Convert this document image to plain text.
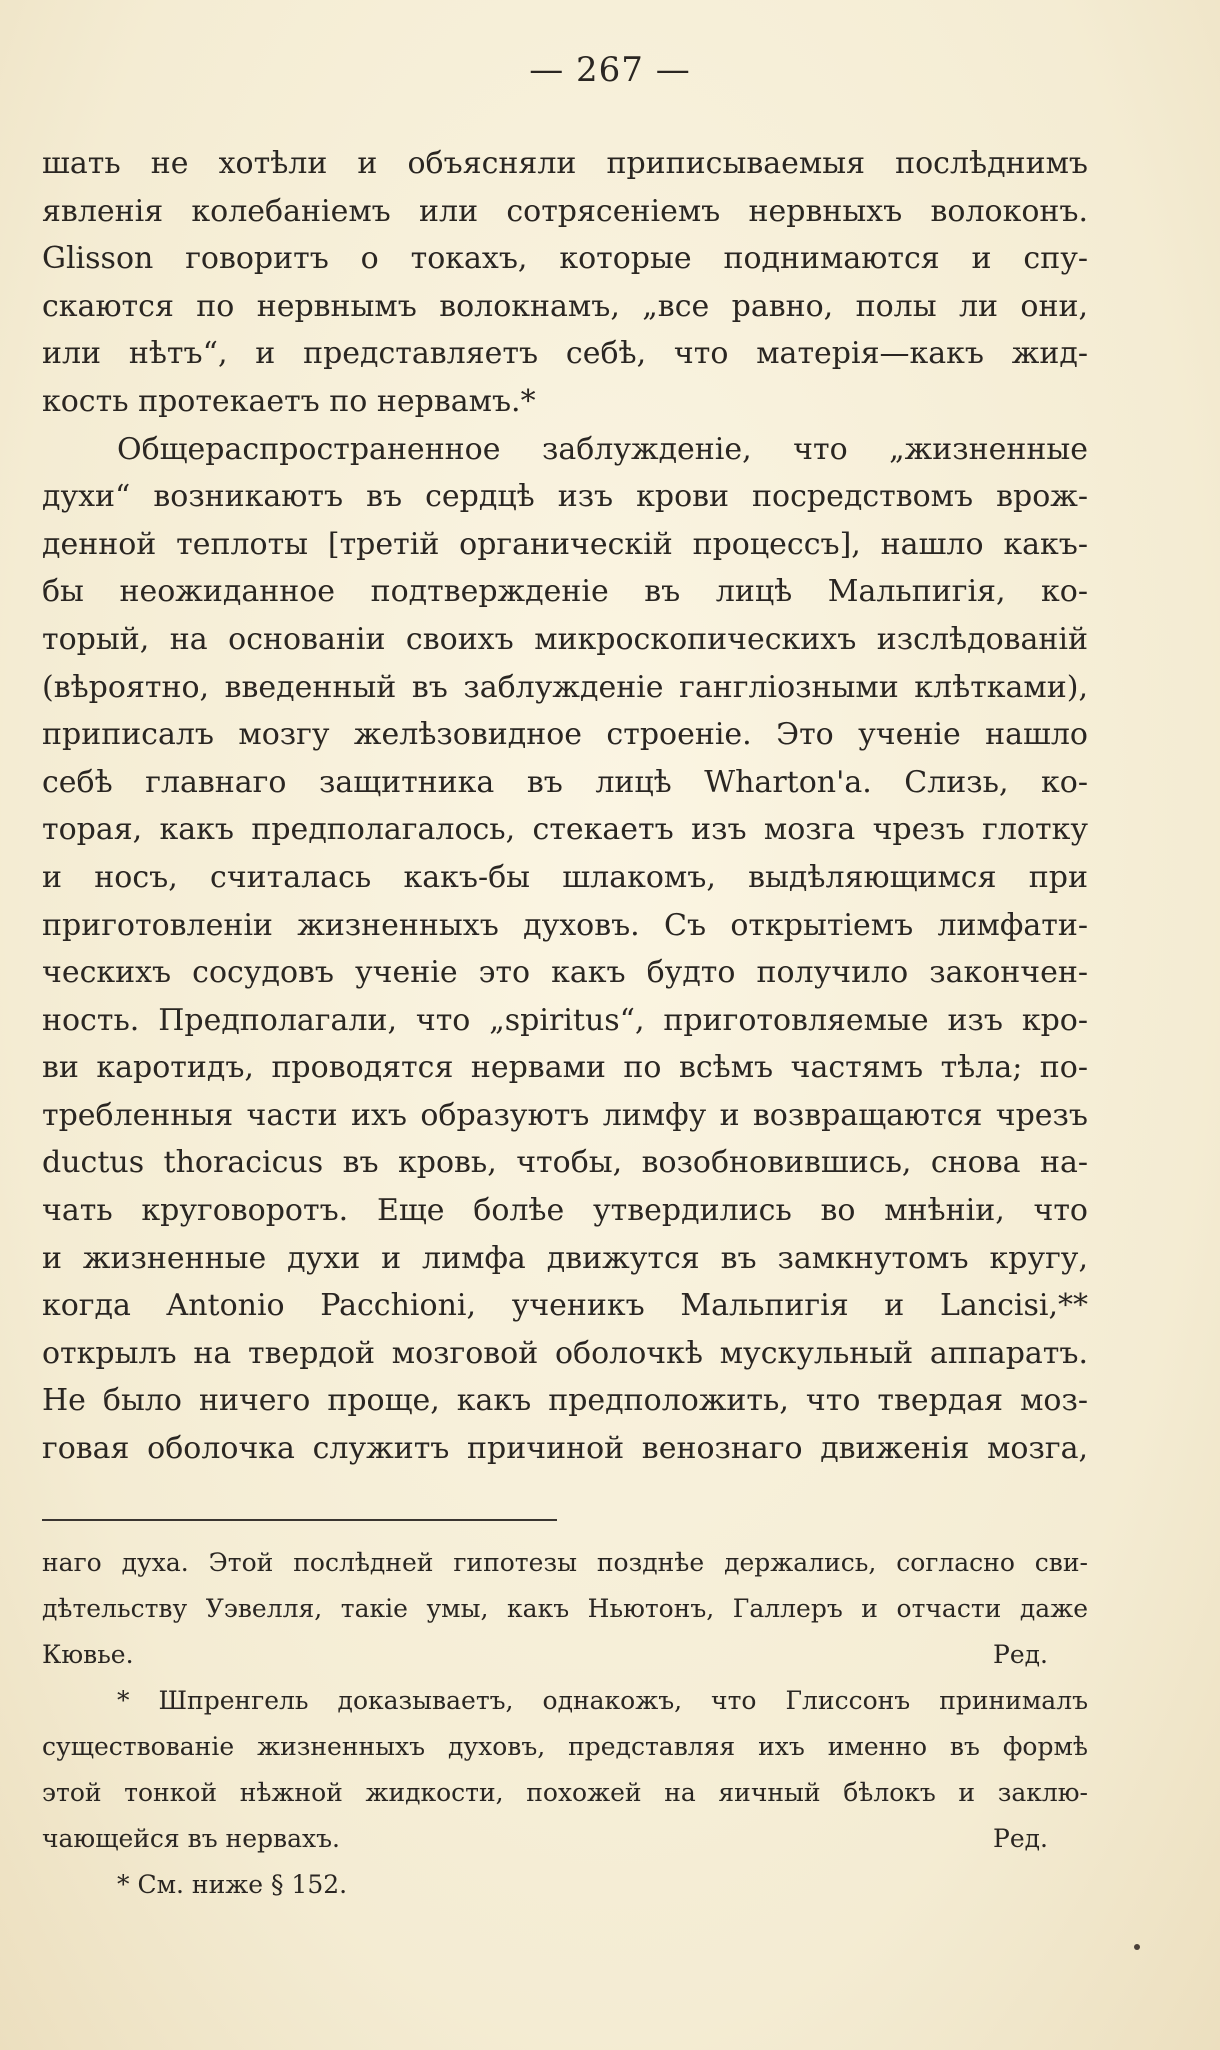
— 267 —
шать не хотѣли и объясняли приписываемыя послѣднимъ
явленія колебаніемъ или сотрясеніемъ нервныхъ волоконъ.
Glisson говоритъ о токахъ, которые поднимаются и спу-
скаются по нервнымъ волокнамъ, „все равно, полы ли они,
или нѣтъ“, и представляетъ себѣ, что матерія—какъ жид-
кость протекаетъ по нервамъ.*
Общераспространенное заблужденіе, что „жизненные
духи“ возникаютъ въ сердцѣ изъ крови посредствомъ врож-
денной теплоты [третій органическій процессъ], нашло какъ-
бы неожиданное подтвержденіе въ лицѣ Мальпигія, ко-
торый, на основаніи своихъ микроскопическихъ изслѣдованій
(вѣроятно, введенный въ заблужденіе гангліозными клѣтками),
приписалъ мозгу желѣзовидное строеніе. Это ученіе нашло
себѣ главнаго защитника въ лицѣ Wharton'а. Слизь, ко-
торая, какъ предполагалось, стекаетъ изъ мозга чрезъ глотку
и носъ, считалась какъ-бы шлакомъ, выдѣляющимся при
приготовленіи жизненныхъ духовъ. Съ открытіемъ лимфати-
ческихъ сосудовъ ученіе это какъ будто получило закончен-
ность. Предполагали, что „spiritus“, приготовляемые изъ кро-
ви каротидъ, проводятся нервами по всѣмъ частямъ тѣла; по-
требленныя части ихъ образуютъ лимфу и возвращаются чрезъ
ductus thoracicus въ кровь, чтобы, возобновившись, снова на-
чать круговоротъ. Еще болѣе утвердились во мнѣніи, что
и жизненные духи и лимфа движутся въ замкнутомъ кругу,
когда Antonio Pacchioni, ученикъ Мальпигія и Lancisi,**
открылъ на твердой мозговой оболочкѣ мускульный аппаратъ.
Не было ничего проще, какъ предположить, что твердая моз-
говая оболочка служитъ причиной венознаго движенія мозга,
наго духа. Этой послѣдней гипотезы позднѣе держались, согласно сви-
дѣтельству Уэвелля, такіе умы, какъ Ньютонъ, Галлеръ и отчасти даже
Кювье.	Ред.
* Шпренгель доказываетъ, однакожъ, что Глиссонъ принималъ
существованіе жизненныхъ духовъ, представляя ихъ именно въ формѣ
этой тонкой нѣжной жидкости, похожей на яичный бѣлокъ и заклю-
чающейся въ нервахъ.	Ред.
* См. ниже § 152.
